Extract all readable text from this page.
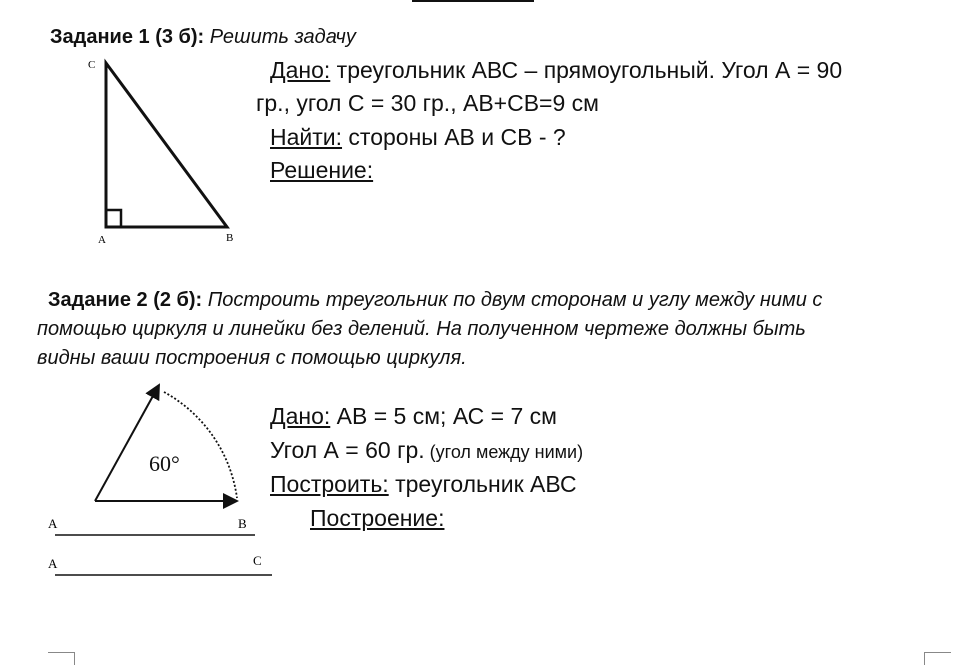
Задание 1 (3 б): Решить задачу
C
A	B
Дано: треугольник АВС – прямоугольный. Угол А = 90
гр., угол С = 30 гр., АВ+СВ=9 см
Найти: стороны АВ и СВ - ?
Решение:
Задание 2 (2 б): Построить треугольник по двум сторонам и углу между ними с
помощью циркуля и линейки без делений. На полученном чертеже должны быть
видны ваши построения с помощью циркуля.
60°
A	B
A	C
Дано: АВ = 5 см; АС = 7 см
Угол А = 60 гр. (угол между ними)
Построить: треугольник АВС
Построение:
